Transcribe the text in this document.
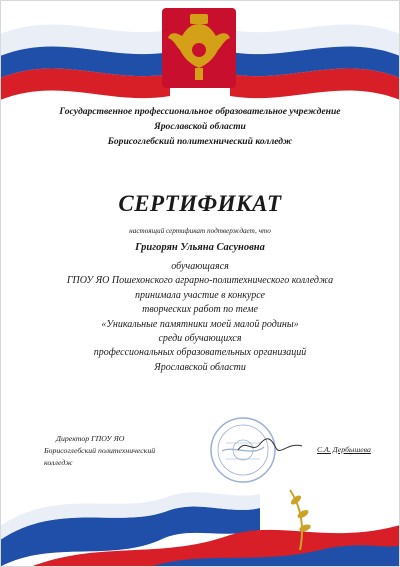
Государственное профессиональное образовательное учреждение
Ярославской области
Борисоглебский политехнический колледж
СЕРТИФИКАТ
настоящий сертификат подтверждает, что
Григорян Ульяна Сасуновна
обучающаяся
ГПОУ ЯО Пошехонского аграрно-политехнического колледжа
принимала участие в конкурсе
творческих работ по теме
«Уникальные памятники моей малой родины»
среди обучающихся
профессиональных образовательных организаций
Ярославской области
Директор ГПОУ ЯО
Борисоглебский политехнический
колледж
С.А. Дербышева
